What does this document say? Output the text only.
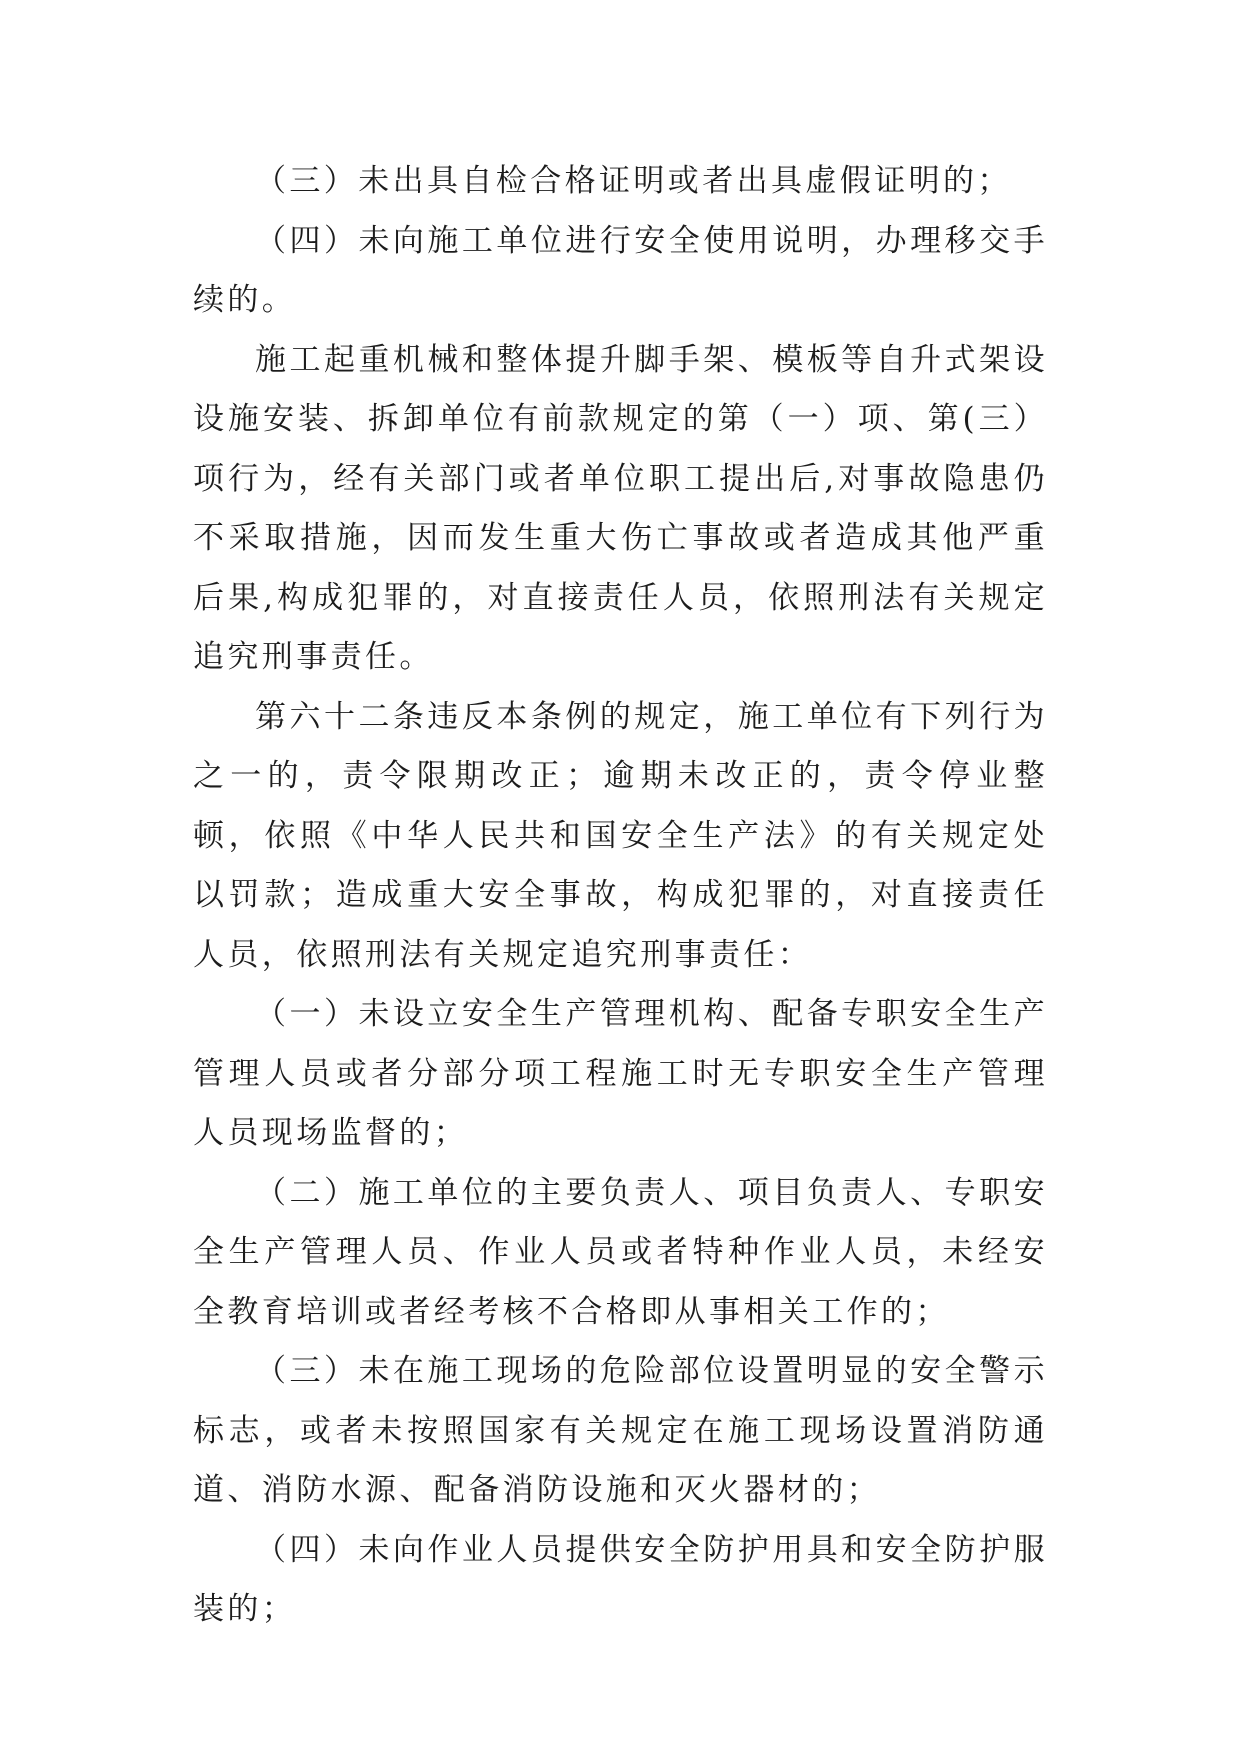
（三）未出具自检合格证明或者出具虚假证明的；

（四）未向施工单位进行安全使用说明，办理移交手续的。

施工起重机械和整体提升脚手架、模板等自升式架设设施安装、拆卸单位有前款规定的第（一）项、第(三）项行为，经有关部门或者单位职工提出后,对事故隐患仍不采取措施，因而发生重大伤亡事故或者造成其他严重后果,构成犯罪的，对直接责任人员，依照刑法有关规定追究刑事责任。

第六十二条违反本条例的规定，施工单位有下列行为之一的，责令限期改正；逾期未改正的，责令停业整顿，依照《中华人民共和国安全生产法》的有关规定处以罚款；造成重大安全事故，构成犯罪的，对直接责任人员，依照刑法有关规定追究刑事责任：

（一）未设立安全生产管理机构、配备专职安全生产管理人员或者分部分项工程施工时无专职安全生产管理人员现场监督的；

（二）施工单位的主要负责人、项目负责人、专职安全生产管理人员、作业人员或者特种作业人员，未经安全教育培训或者经考核不合格即从事相关工作的；

（三）未在施工现场的危险部位设置明显的安全警示标志，或者未按照国家有关规定在施工现场设置消防通道、消防水源、配备消防设施和灭火器材的；

（四）未向作业人员提供安全防护用具和安全防护服装的；
